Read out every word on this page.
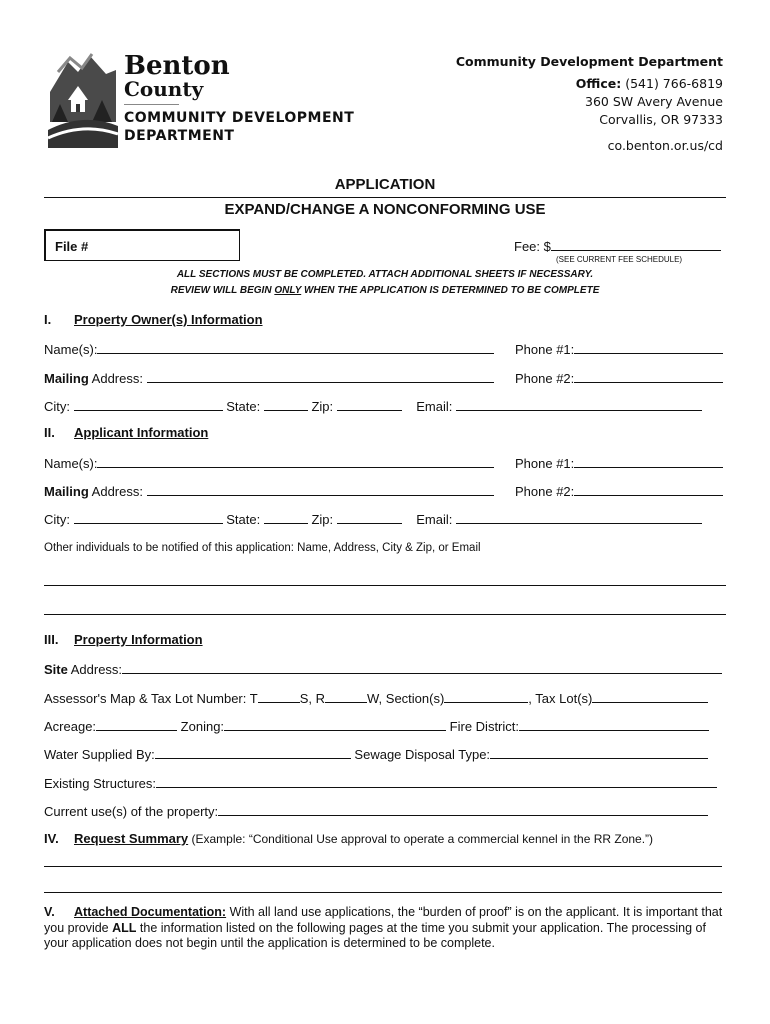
Benton
County
COMMUNITY DEVELOPMENT
DEPARTMENT
Community Development Department
Office: (541) 766-6819
360 SW Avery Avenue
Corvallis, OR 97333
co.benton.or.us/cd
APPLICATION
EXPAND/CHANGE A NONCONFORMING USE
File #	Fee: $
(SEE CURRENT FEE SCHEDULE)
ALL SECTIONS MUST BE COMPLETED. ATTACH ADDITIONAL SHEETS IF NECESSARY.
REVIEW WILL BEGIN ONLY WHEN THE APPLICATION IS DETERMINED TO BE COMPLETE
I. Property Owner(s) Information
Name(s):	Phone #1:
Mailing Address:	Phone #2:
City:	State:	Zip:	Email:
II. Applicant Information
Name(s):	Phone #1:
Mailing Address:	Phone #2:
City:	State:	Zip:	Email:
Other individuals to be notified of this application: Name, Address, City & Zip, or Email
III. Property Information
Site Address:
Assessor's Map & Tax Lot Number: T	S, R	W, Section(s)	, Tax Lot(s)
Acreage:	Zoning:	Fire District:
Water Supplied By:	Sewage Disposal Type:
Existing Structures:
Current use(s) of the property:
IV. Request Summary (Example: “Conditional Use approval to operate a commercial kennel in the RR Zone.”)
V. Attached Documentation: With all land use applications, the “burden of proof” is on the applicant. It is important that you provide ALL the information listed on the following pages at the time you submit your application. The processing of your application does not begin until the application is determined to be complete.
